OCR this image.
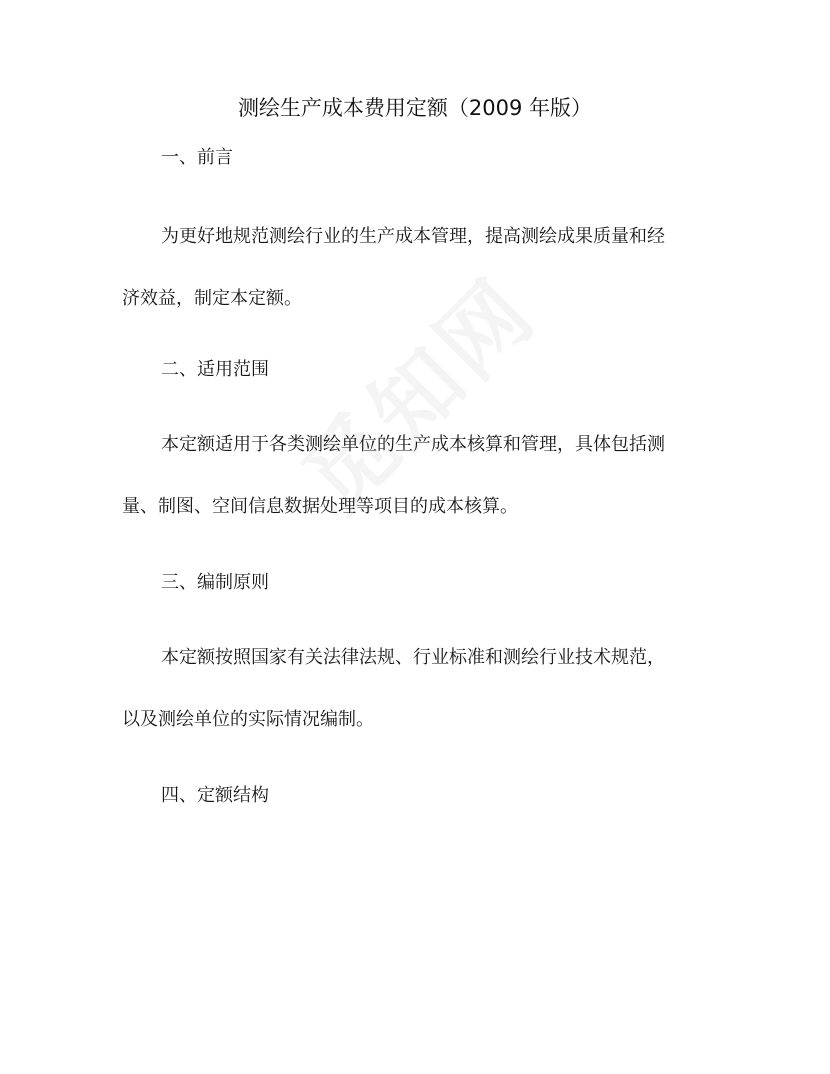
测绘生产成本费用定额（2009 年版）
一、前言
为更好地规范测绘行业的生产成本管理，提高测绘成果质量和经
济效益，制定本定额。
二、适用范围
本定额适用于各类测绘单位的生产成本核算和管理，具体包括测
量、制图、空间信息数据处理等项目的成本核算。
三、编制原则
本定额按照国家有关法律法规、行业标准和测绘行业技术规范，
以及测绘单位的实际情况编制。
四、定额结构
